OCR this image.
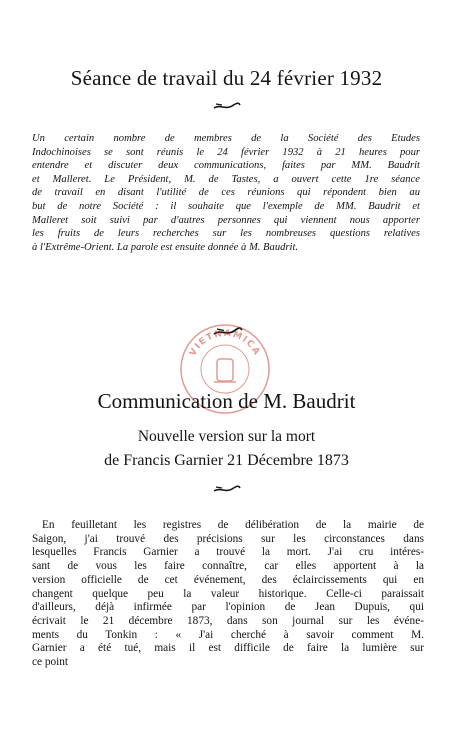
Séance de travail du 24 février 1932
Un certain nombre de membres de la Société des Etudes
Indochinoises se sont réunis le 24 février 1932 à 21 heures pour
entendre et discuter deux communications, faites par MM. Baudrit
et Malleret. Le Président, M. de Tastes, a ouvert cette 1re séance
de travail en disant l'utilité de ces réunions qui répondent bien au
but de notre Société : il souhaite que l'exemple de MM. Baudrit et
Malleret soit suivi par d'autres personnes qui viennent nous apporter
les fruits de leurs recherches sur les nombreuses questions relatives
à l'Extrême-Orient. La parole est ensuite donnée à M. Baudrit.
VIETNAMICA
Communication de M. Baudrit
Nouvelle version sur la mort
de Francis Garnier 21 Décembre 1873
En feuilletant les registres de délibération de la mairie de
Saigon, j'ai trouvé des précisions sur les circonstances dans
lesquelles Francis Garnier a trouvé la mort. J'ai cru intéres-
sant de vous les faire connaître, car elles apportent à la
version officielle de cet événement, des éclaircissements qui en
changent quelque peu la valeur historique. Celle-ci paraissait
d'ailleurs, déjà infirmée par l'opinion de Jean Dupuis, qui
écrivait le 21 décembre 1873, dans son journal sur les événe-
ments du Tonkin : « J'ai cherché à savoir comment M.
Garnier a été tué, mais il est difficile de faire la lumière sur
ce point
